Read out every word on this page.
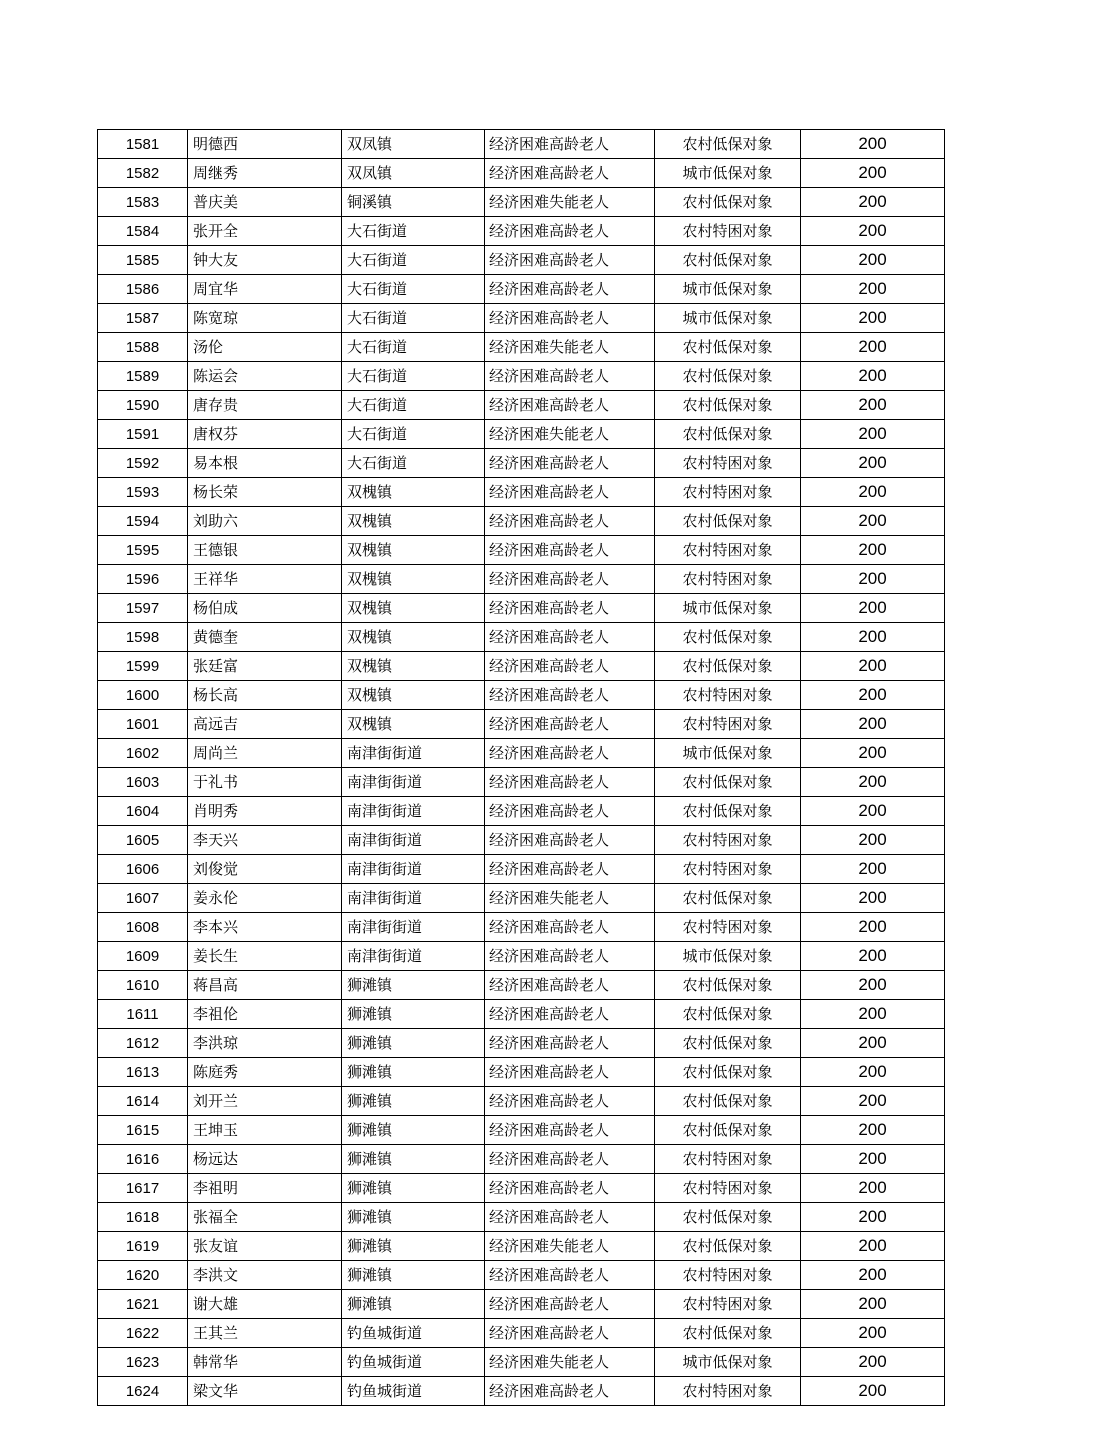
1581	明德西	双凤镇	经济困难高龄老人	农村低保对象	200
1582	周继秀	双凤镇	经济困难高龄老人	城市低保对象	200
1583	普庆美	铜溪镇	经济困难失能老人	农村低保对象	200
1584	张开全	大石街道	经济困难高龄老人	农村特困对象	200
1585	钟大友	大石街道	经济困难高龄老人	农村低保对象	200
1586	周宜华	大石街道	经济困难高龄老人	城市低保对象	200
1587	陈宽琼	大石街道	经济困难高龄老人	城市低保对象	200
1588	汤伦	大石街道	经济困难失能老人	农村低保对象	200
1589	陈运会	大石街道	经济困难高龄老人	农村低保对象	200
1590	唐存贵	大石街道	经济困难高龄老人	农村低保对象	200
1591	唐权芬	大石街道	经济困难失能老人	农村低保对象	200
1592	易本根	大石街道	经济困难高龄老人	农村特困对象	200
1593	杨长荣	双槐镇	经济困难高龄老人	农村特困对象	200
1594	刘助六	双槐镇	经济困难高龄老人	农村低保对象	200
1595	王德银	双槐镇	经济困难高龄老人	农村特困对象	200
1596	王祥华	双槐镇	经济困难高龄老人	农村特困对象	200
1597	杨伯成	双槐镇	经济困难高龄老人	城市低保对象	200
1598	黄德奎	双槐镇	经济困难高龄老人	农村低保对象	200
1599	张廷富	双槐镇	经济困难高龄老人	农村低保对象	200
1600	杨长高	双槐镇	经济困难高龄老人	农村特困对象	200
1601	高远吉	双槐镇	经济困难高龄老人	农村特困对象	200
1602	周尚兰	南津街街道	经济困难高龄老人	城市低保对象	200
1603	于礼书	南津街街道	经济困难高龄老人	农村低保对象	200
1604	肖明秀	南津街街道	经济困难高龄老人	农村低保对象	200
1605	李天兴	南津街街道	经济困难高龄老人	农村特困对象	200
1606	刘俊觉	南津街街道	经济困难高龄老人	农村特困对象	200
1607	姜永伦	南津街街道	经济困难失能老人	农村低保对象	200
1608	李本兴	南津街街道	经济困难高龄老人	农村特困对象	200
1609	姜长生	南津街街道	经济困难高龄老人	城市低保对象	200
1610	蒋昌高	狮滩镇	经济困难高龄老人	农村低保对象	200
1611	李祖伦	狮滩镇	经济困难高龄老人	农村低保对象	200
1612	李洪琼	狮滩镇	经济困难高龄老人	农村低保对象	200
1613	陈庭秀	狮滩镇	经济困难高龄老人	农村低保对象	200
1614	刘开兰	狮滩镇	经济困难高龄老人	农村低保对象	200
1615	王坤玉	狮滩镇	经济困难高龄老人	农村低保对象	200
1616	杨远达	狮滩镇	经济困难高龄老人	农村特困对象	200
1617	李祖明	狮滩镇	经济困难高龄老人	农村特困对象	200
1618	张福全	狮滩镇	经济困难高龄老人	农村低保对象	200
1619	张友谊	狮滩镇	经济困难失能老人	农村低保对象	200
1620	李洪文	狮滩镇	经济困难高龄老人	农村特困对象	200
1621	谢大雄	狮滩镇	经济困难高龄老人	农村特困对象	200
1622	王其兰	钓鱼城街道	经济困难高龄老人	农村低保对象	200
1623	韩常华	钓鱼城街道	经济困难失能老人	城市低保对象	200
1624	梁文华	钓鱼城街道	经济困难高龄老人	农村特困对象	200
